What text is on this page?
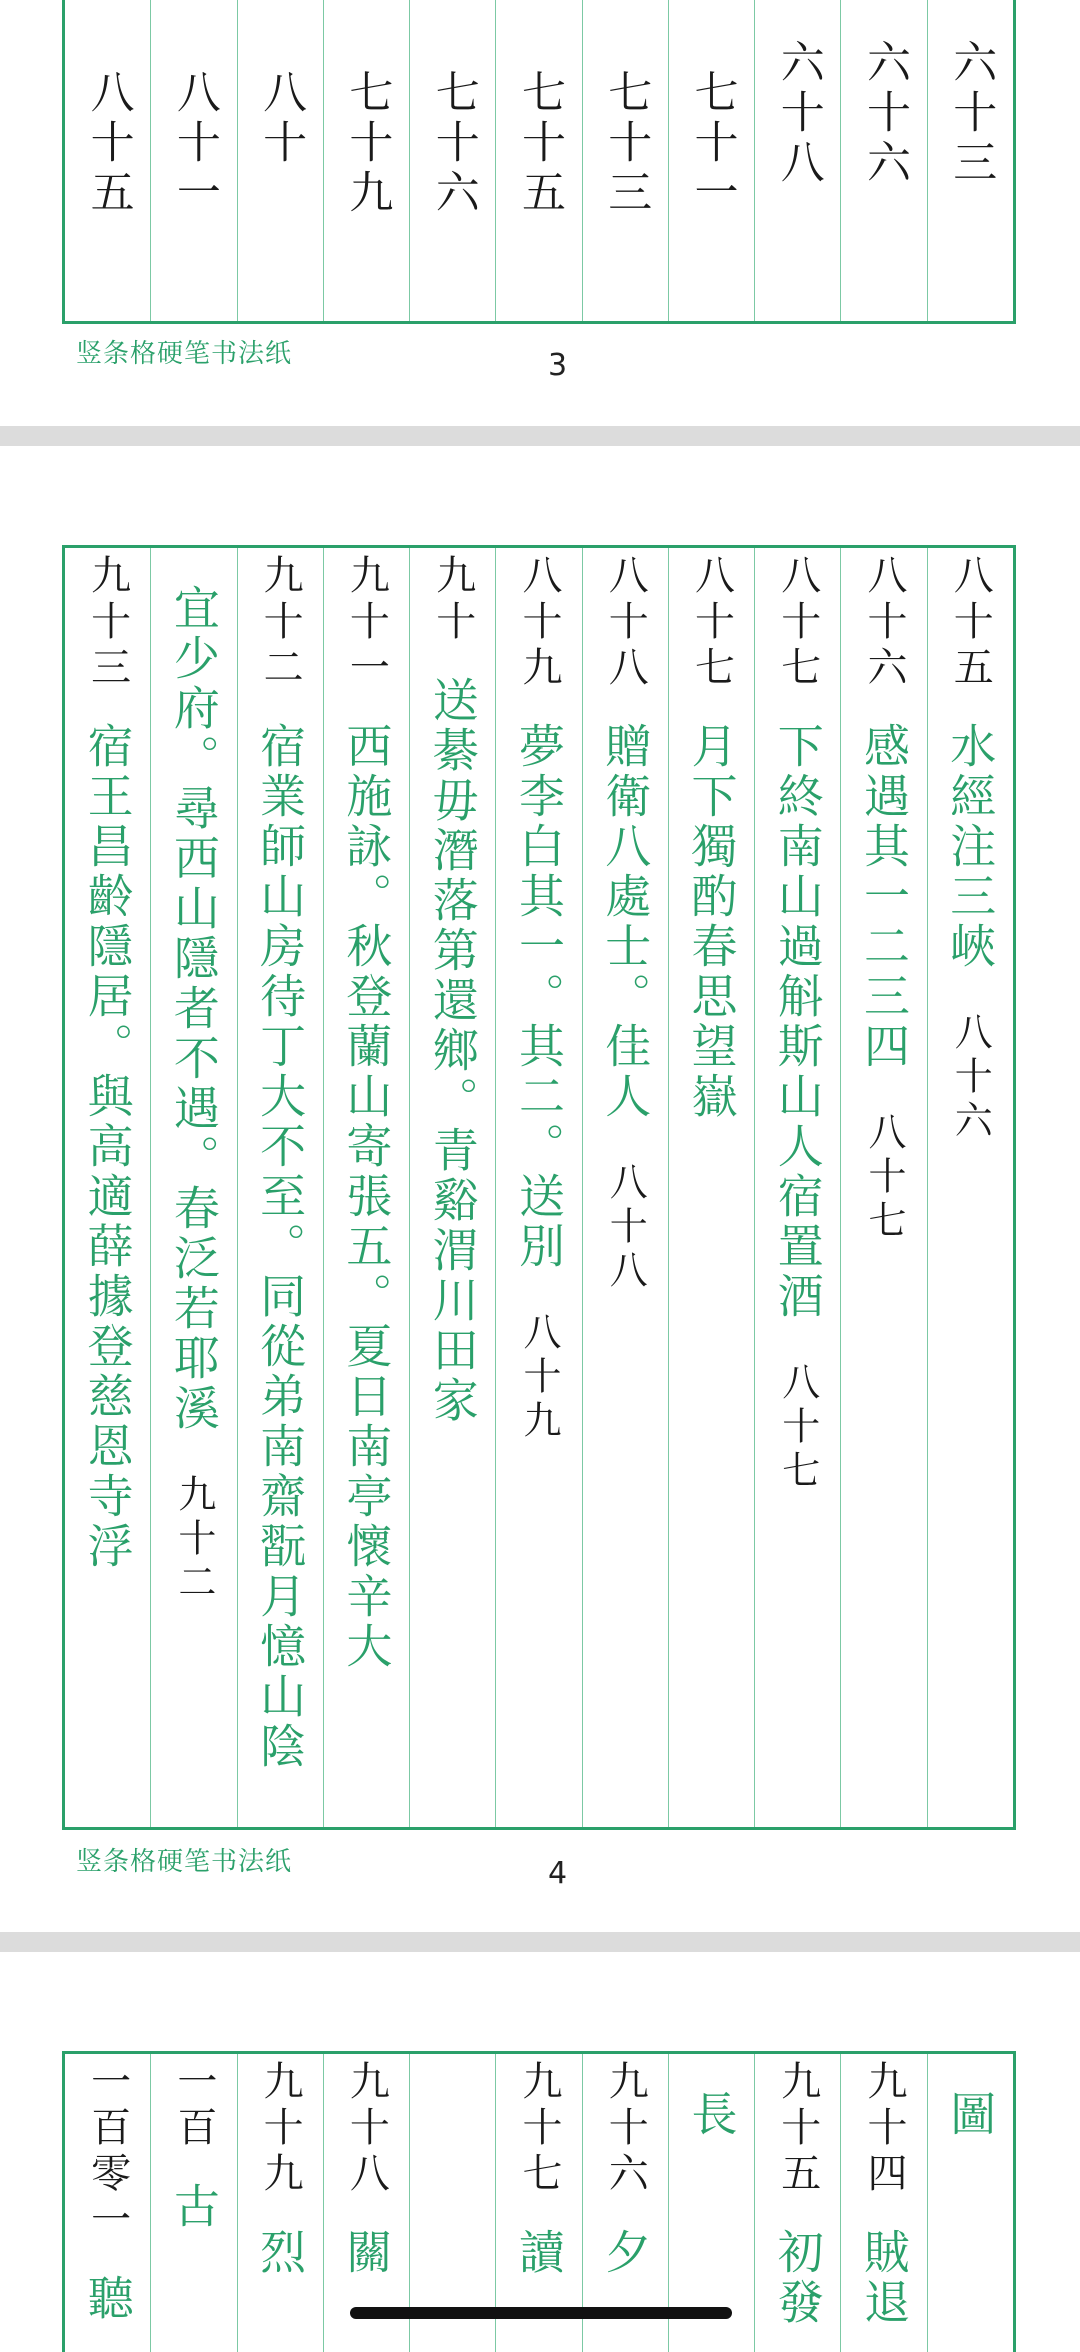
八十五 八十一 八十 七十九 七十六 七十五 七十三 七十一 六十八 六十六 六十三
竖条格硬笔书法纸	3
九十三
宿王昌齡隱居。與高適薛據登慈恩寺浮 宜少府。尋西山隱者不遇。春泛若耶溪
九十二
九十二
宿業師山房待丁大不至。同從弟南齋翫月憶山陰
九十一
西施詠。秋登蘭山寄張五。夏日南亭懷辛大
九十
送綦毋潛落第還鄉。青谿渭川田家
八十九
夢李白其一。其二。送別
八十九
八十八
贈衛八處士。佳人
八十八
八十七
月下獨酌春思望嶽
八十七
下終南山過斛斯山人宿置酒
八十七
八十六
感遇其一二三四
八十七
八十五
水經注三峽
八十六
竖条格硬笔书法纸	4
一百零一
聽
一百
古
九十九
烈
九十八
關
九十七
讀
九十六
夕
長 九十五
初發
九十四
賊退
圖
